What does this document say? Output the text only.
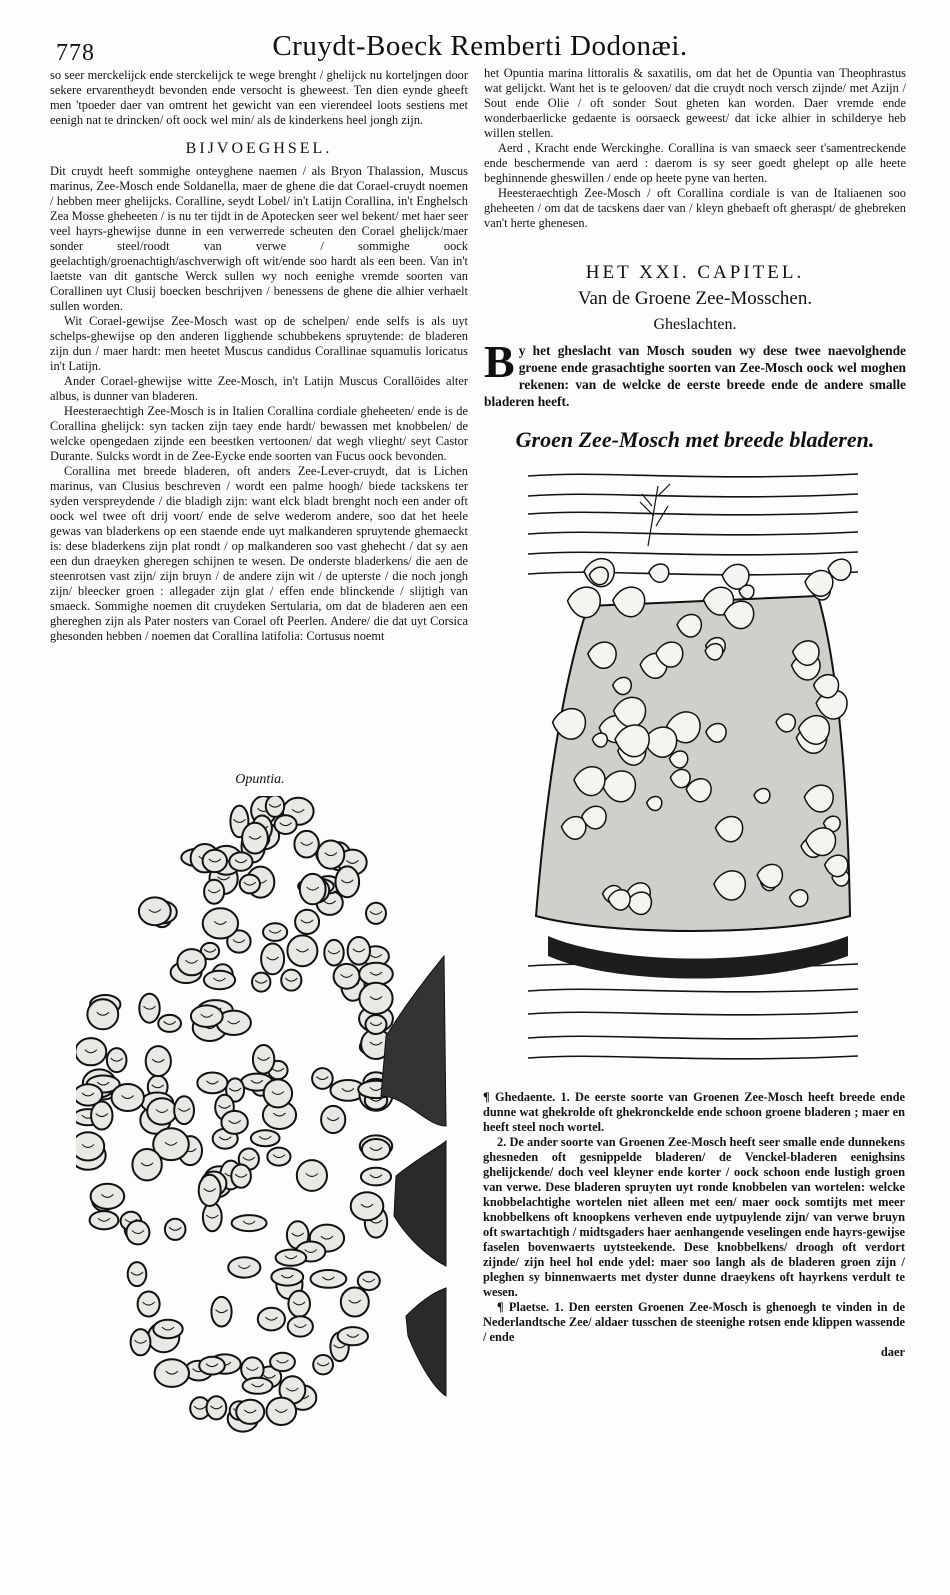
778	Cruydt-Boeck Remberti Dodonæi.

so seer merckelijck ende sterckelijck te wege brenght / ghelijck nu korteljngen door sekere ervarentheydt bevonden ende versocht is gheweest. Ten dien eynde gheeft men 'tpoeder daer van omtrent het gewicht van een vierendeel loots sestiens met eenigh nat te drincken/ oft oock wel min/ als de kinderkens heel jongh zijn.

BIJVOEGHSEL.

Dit cruydt heeft sommighe onteyghene naemen / als Bryon Thalassion, Muscus marinus, Zee-Mosch ende Soldanella, maer de ghene die dat Corael-cruydt noemen / hebben meer ghelijcks. Coralline, seydt Lobel/ in't Latijn Corallina, in't Enghelsch Zea Mosse gheheeten / is nu ter tijdt in de Apotecken seer wel bekent/ met haer seer veel hayrs-ghewijse dunne in een verwerrede scheuten den Corael ghelijck/maer sonder steel/roodt van verwe / sommighe oock geelachtigh/groenachtigh/aschverwigh oft wit/ende soo hardt als een been. Van in't laetste van dit gantsche Werck sullen wy noch eenighe vremde soorten van Corallinen uyt Clusij boecken beschrijven / benessens de ghene die alhier verhaelt sullen worden.

Wit Corael-gewijse Zee-Mosch wast op de schelpen/ ende selfs is als uyt schelps-ghewijse op den anderen ligghende schubbekens spruytende: de bladeren zijn dun / maer hardt: men heetet Muscus candidus Corallinae squamulis loricatus in't Latijn.

Ander Corael-ghewijse witte Zee-Mosch, in't Latijn Muscus Corallöides alter albus, is dunner van bladeren.

Heesteraechtigh Zee-Mosch is in Italien Corallina cordiale gheheeten/ ende is de Corallina ghelijck: syn tacken zijn taey ende hardt/ bewassen met knobbelen/ de welcke opengedaen zijnde een beestken vertoonen/ dat wegh vlieght/ seyt Castor Durante. Sulcks wordt in de Zee-Eycke ende soorten van Fucus oock bevonden.

Corallina met breede bladeren, oft anders Zee-Lever-cruydt, dat is Lichen marinus, van Clusius beschreven / wordt een palme hoogh/ biede tackskens ter syden verspreydende / die bladigh zijn: want elck bladt brenght noch een ander oft oock wel twee oft drij voort/ ende de selve wederom andere, soo dat het heele gewas van bladerkens op een staende ende uyt malkanderen spruytende ghemaeckt is: dese bladerkens zijn plat rondt / op malkanderen soo vast ghehecht / dat sy aen een dun draeyken gheregen schijnen te wesen. De onderste bladerkens/ die aen de steenrotsen vast zijn/ zijn bruyn / de andere zijn wit / de upterste / die noch jongh zijn/ bleecker groen : allegader zijn glat / effen ende blinckende / slijtigh van smaeck. Sommighe noemen dit cruydeken Sertularia, om dat de bladeren aen een ghereghen zijn als Pater nosters van Corael oft Peerlen. Andere/ die dat uyt Corsica ghesonden hebben / noemen dat Corallina latifolia: Cortusus noemt

Opuntia.

het Opuntia marina littoralis & saxatilis, om dat het de Opuntia van Theophrastus wat gelijckt. Want het is te gelooven/ dat die cruydt noch versch zijnde/ met Azijn / Sout ende Olie / oft sonder Sout gheten kan worden. Daer vremde ende wonderbaerlicke gedaente is oorsaeck geweest/ dat icke alhier in schilderye heb willen stellen.

Aerd , Kracht ende Werckinghe. Corallina is van smaeck seer t'samentreckende ende beschermende van aerd : daerom is sy seer goedt ghelept op alle heete beghinnende gheswillen / ende op heete pyne van herten.

Heesteraechtigh Zee-Mosch / oft Corallina cordiale is van de Italiaenen soo gheheeten / om dat de tacskens daer van / kleyn ghebaeft oft gheraspt/ de ghebreken van't herte ghenesen.

HET XXI. CAPITEL.
Van de Groene Zee-Mosschen.
Gheslachten.
B y het gheslacht van Mosch souden wy dese twee naevolghende groene ende grasachtighe soorten van Zee-Mosch oock wel moghen rekenen: van de welcke de eerste breede ende de andere smalle bladeren heeft.
Groen Zee-Mosch met breede bladeren.

¶ Ghedaente. 1. De eerste soorte van Groenen Zee-Mosch heeft breede ende dunne wat ghekrolde oft ghekronckelde ende schoon groene bladeren ; maer en heeft steel noch wortel.

2. De ander soorte van Groenen Zee-Mosch heeft seer smalle ende dunnekens ghesneden oft gesnippelde bladeren/ de Venckel-bladeren eenighsins ghelijckende/ doch veel kleyner ende korter / oock schoon ende lustigh groen van verwe. Dese bladeren spruyten uyt ronde knobbelen van wortelen: welcke knobbelachtighe wortelen niet alleen met een/ maer oock somtijts met meer knobbelkens oft knoopkens verheven ende uytpuylende zijn/ van verwe bruyn oft swartachtigh / midtsgaders haer aenhangende veselingen ende hayrs-gewijse faselen bovenwaerts uytsteekende. Dese knobbelkens/ droogh oft verdort zijnde/ zijn heel hol ende ydel: maer soo langh als de bladeren groen zijn / pleghen sy binnenwaerts met dyster dunne draeykens oft hayrkens verdult te wesen.

¶ Plaetse. 1. Den eersten Groenen Zee-Mosch is ghenoegh te vinden in de Nederlandtsche Zee/ aldaer tusschen de steenighe rotsen ende klippen wassende / ende

daer
